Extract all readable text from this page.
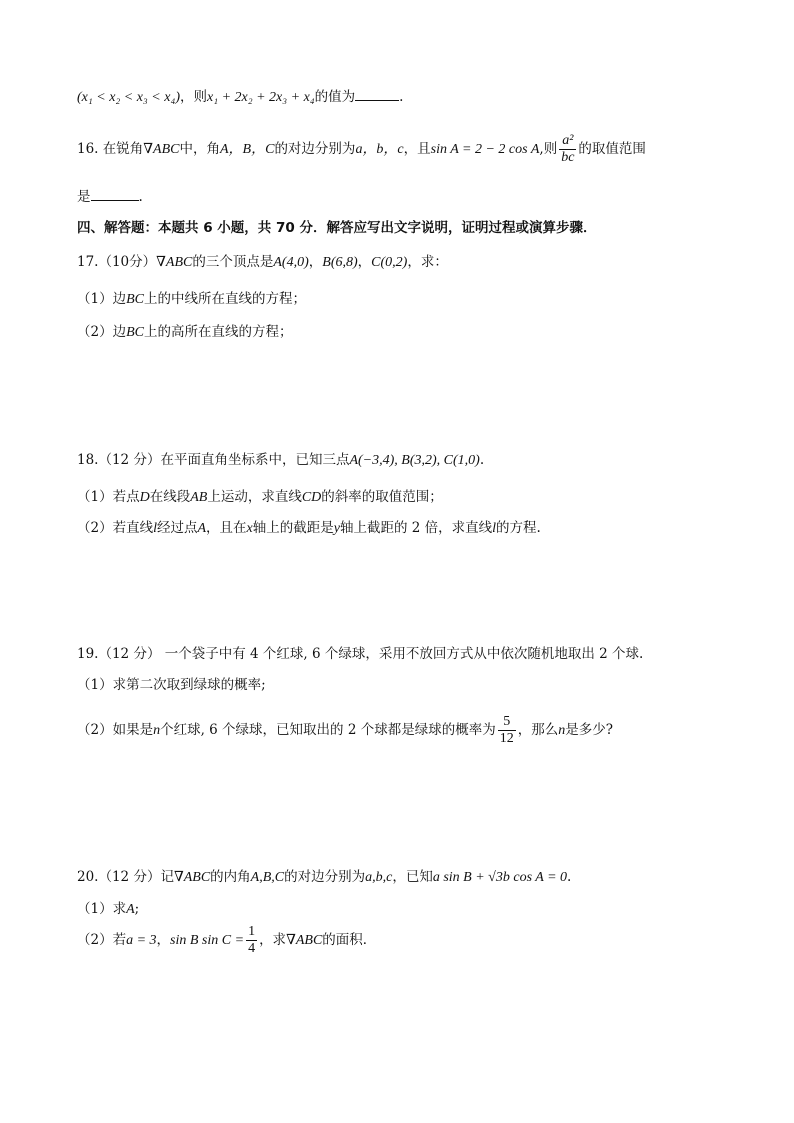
(x₁ < x₂ < x₃ < x₄)，则x₁ + 2x₂ + 2x₃ + x₄的值为	.
16. 在锐角∇ABC中，角A，B，C的对边分别为a，b，c，且sin A = 2 − 2 cos A,则 $\frac{\text{a²}}{bc}$ 的取值范围
是	.
四、解答题：本题共 6 小题，共 70 分．解答应写出文字说明，证明过程或演算步骤．
17.（10分）∇ABC的三个顶点是A(4,0)，B(6,8)，C(0,2)，求：
（1）边BC上的中线所在直线的方程；
（2）边BC上的高所在直线的方程；
18.（12 分）在平面直角坐标系中，已知三点A(−3,4), B(3,2), C(1,0).
（1）若点D在线段AB上运动，求直线CD的斜率的取值范围；
（2）若直线l经过点A，且在x轴上的截距是y轴上截距的 2 倍，求直线l的方程.
19.（12 分） 一个袋子中有 4 个红球, 6 个绿球，采用不放回方式从中依次随机地取出 2 个球.
（1）求第二次取到绿球的概率;
（2）如果是n个红球, 6 个绿球，已知取出的 2 个球都是绿球的概率为 $\frac{5}{12}$ ，那么n是多少?
20.（12 分）记∇ABC的内角A,B,C的对边分别为a,b,c，已知a sin B + √3b cos A = 0.
（1）求A;
（2）若a = 3，sin B $\sin C = \frac{1}{4}$ ，求∇ABC的面积．
